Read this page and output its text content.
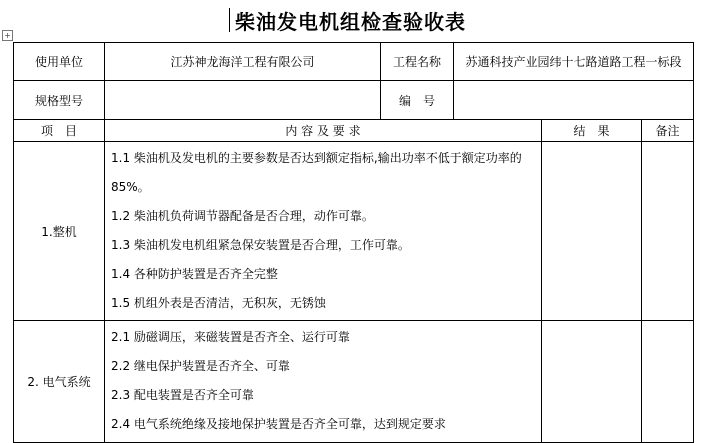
柴油发电机组检查验收表
+
使用单位	江苏神龙海洋工程有限公司	工程名称	苏通科技产业园纬十七路道路工程一标段		
规格型号		编　号			
项　目	内 容 及 要 求			结　果	备注
1.整机	1.1 柴油机及发电机的主要参数是否达到额定指标,输出功率不低于额定功率的 85%。
1.2 柴油机负荷调节器配备是否合理，动作可靠。
1.3 柴油机发电机组紧急保安装置是否合理，工作可靠。
1.4 各种防护装置是否齐全完整
1.5 机组外表是否清洁，无积灰，无锈蚀				

2. 电气系统	2.1 励磁调压，来磁装置是否齐全、运行可靠
2.2 继电保护装置是否齐全、可靠
2.3 配电装置是否齐全可靠
2.4 电气系统绝缘及接地保护装置是否齐全可靠，达到规定要求				
